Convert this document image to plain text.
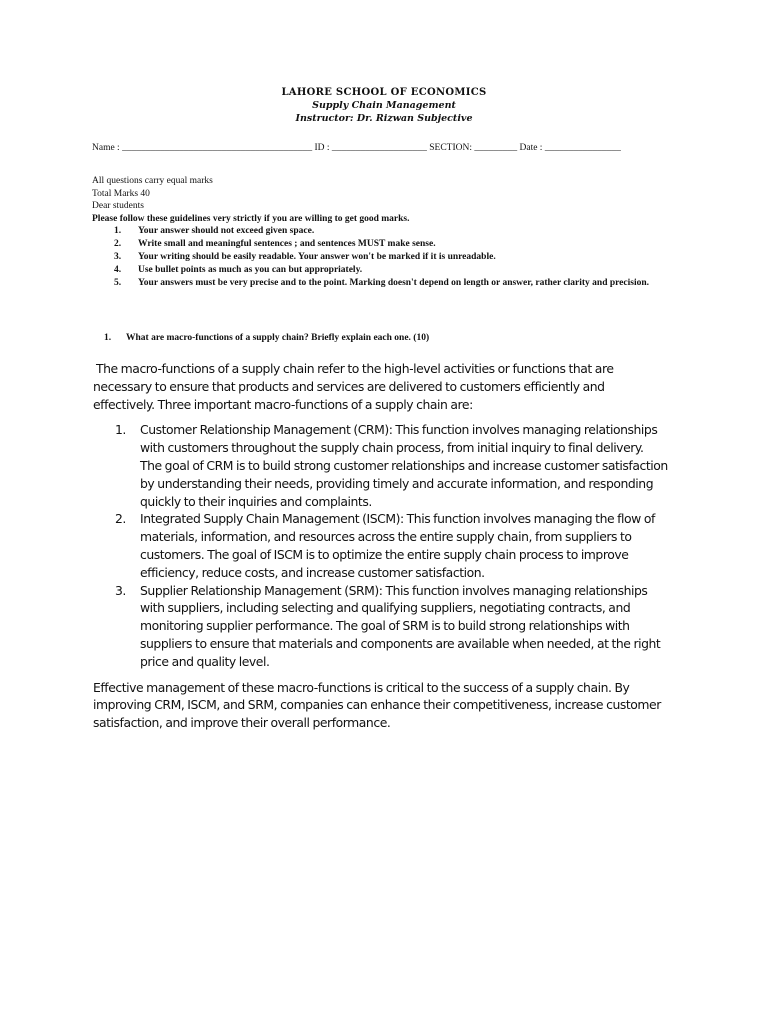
LAHORE SCHOOL OF ECONOMICS
Supply Chain Management
Instructor: Dr. Rizwan Subjective
Name : ________________________________________ ID : ____________________ SECTION: _________ Date : ________________
All questions carry equal marks
Total Marks 40
Dear students
Please follow these guidelines very strictly if you are willing to get good marks.
1. Your answer should not exceed given space.
2. Write small and meaningful sentences ; and sentences MUST make sense.
3. Your writing should be easily readable. Your answer won't be marked if it is unreadable.
4. Use bullet points as much as you can but appropriately.
5. Your answers must be very precise and to the point. Marking doesn't depend on length or answer, rather clarity and precision.
1. What are macro-functions of a supply chain? Briefly explain each one. (10)

The macro-functions of a supply chain refer to the high-level activities or functions that are necessary to ensure that products and services are delivered to customers efficiently and effectively. Three important macro-functions of a supply chain are:

1. Customer Relationship Management (CRM): This function involves managing relationships with customers throughout the supply chain process, from initial inquiry to final delivery. The goal of CRM is to build strong customer relationships and increase customer satisfaction by understanding their needs, providing timely and accurate information, and responding quickly to their inquiries and complaints.
2. Integrated Supply Chain Management (ISCM): This function involves managing the flow of materials, information, and resources across the entire supply chain, from suppliers to customers. The goal of ISCM is to optimize the entire supply chain process to improve efficiency, reduce costs, and increase customer satisfaction.
3. Supplier Relationship Management (SRM): This function involves managing relationships with suppliers, including selecting and qualifying suppliers, negotiating contracts, and monitoring supplier performance. The goal of SRM is to build strong relationships with suppliers to ensure that materials and components are available when needed, at the right price and quality level.

Effective management of these macro-functions is critical to the success of a supply chain. By improving CRM, ISCM, and SRM, companies can enhance their competitiveness, increase customer satisfaction, and improve their overall performance.
